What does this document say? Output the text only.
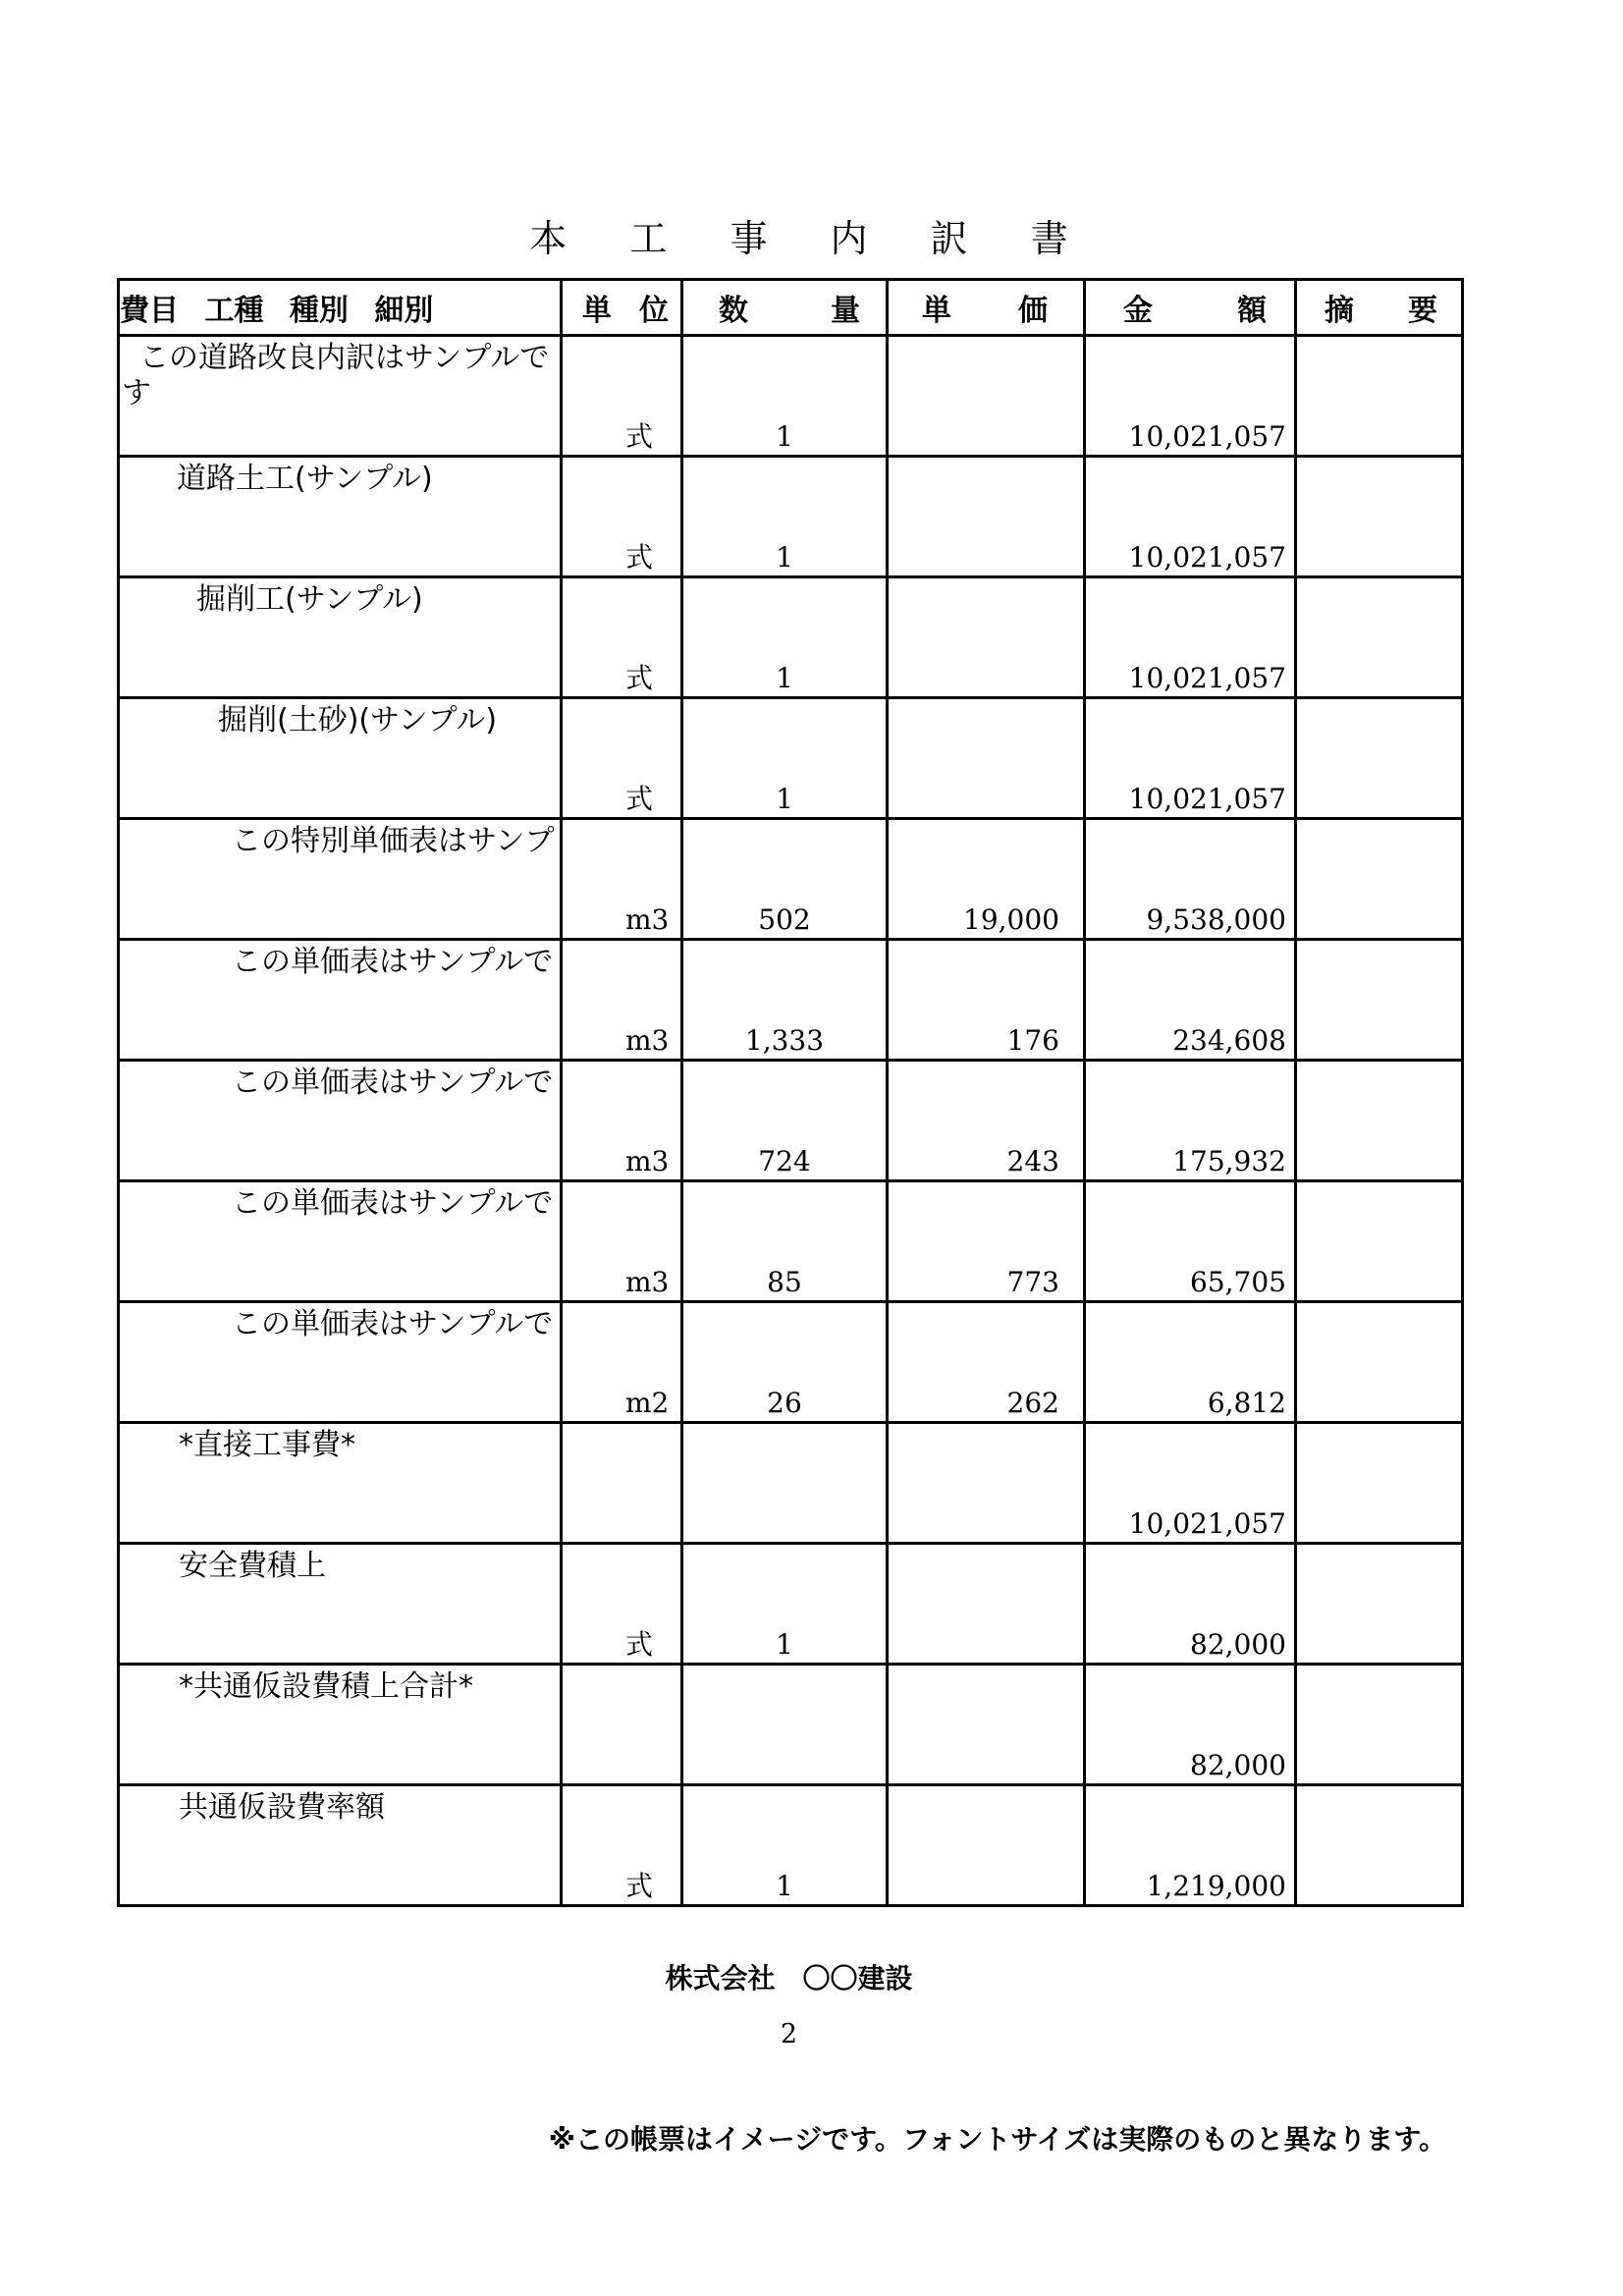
本 工 事 内 訳 書
費目 工種 種別 細別	単 位	数 量	単 価	金 額	摘 要

この道路改良内訳はサンプルです	式	1		10,021,057	

道路土工(サンプル)	式	1		10,021,057	

掘削工(サンプル)	式	1		10,021,057	

掘削(土砂)(サンプル)	式	1		10,021,057	

この特別単価表はサンプ	m3	502	19,000	9,538,000	

この単価表はサンプルで	m3	1,333	176	234,608	

この単価表はサンプルで	m3	724	243	175,932	

この単価表はサンプルで	m3	85	773	65,705	

この単価表はサンプルで	m2	26	262	6,812	

*直接工事費*				10,021,057	

安全費積上	式	1		82,000	

*共通仮設費積上合計*				82,000	

共通仮設費率額	式	1		1,219,000	

株式会社　〇〇建設
2
※この帳票はイメージです。フォントサイズは実際のものと異なります。
